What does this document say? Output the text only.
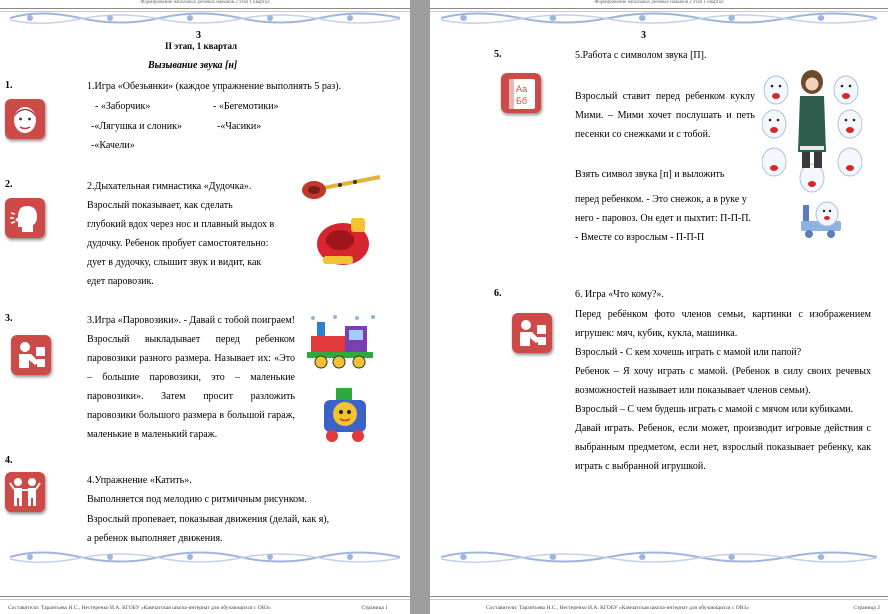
Формирование начальных речевых навыков 2 этап 1 квартал
3
II этап, 1 квартал
Вызывание звука [н]
1.	1.Игра «Обезьянки» (каждое упражнение выполнять 5 раз).
- «Заборчик»	- «Бегемотики»
-«Лягушка и слоник»	-«Часики»
-«Качели»
2.	2.Дыхательная гимнастика «Дудочка».
Взрослый показывает, как сделать
глубокий вдох через нос и плавный выдох в
дудочку. Ребенок пробует самостоятельно:
дует в дудочку, слышит звук и видит, как
едет паровозик.
3.	3.Игра «Паровозики». - Давай с тобой поиграем! Взрослый выкладывает перед ребенком паровозики разного размера. Называет их: «Это – большие паровозики, это – маленькие паровозики». Затем просит разложить паровозики большого размера в большой гараж, маленькие в маленький гараж.

4.
4.Упражнение «Катить».
Выполняется под мелодию с ритмичным рисунком.
Взрослый пропевает, показывая движения (делай, как я),
а ребенок выполняет движения.
Составители: Тарантьева Н.С., Нестеренко И.А. КГОБУ «Камчатская школа-интернат для обучающихся с ОВЗ»	Страница 1
Формирование начальных речевых навыков 2 этап 1 квартал
3
5.	5.Работа с символом звука [П].
Аа
Бб	Взрослый ставит перед ребенком куклу Мими. – Мими хочет послушать и петь песенки со снежками и с тобой.

Взять символ звука [п] и выложить
перед ребенком. - Это снежок, а в руке у
него - паровоз. Он едет и пыхтит: П-П-П.
- Вместе со взрослым - П-П-П
6.	6. Игра «Что кому?».

Перед ребёнком фото членов семьи, картинки с изображением игрушек: мяч, кубик, кукла, машинка.

Взрослый - С кем хочешь играть с мамой или папой?

Ребенок – Я хочу играть с мамой. (Ребенок в силу своих речевых возможностей называет или показывает членов семьи).

Взрослый – С чем будешь играть с мамой с мячом или кубиками.

Давай играть. Ребенок, если может, производит игровые действия с выбранным предметом, если нет, взрослый показывает ребенку, как играть с выбранной игрушкой.

Составители: Тарантьева Н.С., Нестеренко И.А. КГОБУ «Камчатская школа-интернат для обучающихся с ОВЗ»	Страница 2
